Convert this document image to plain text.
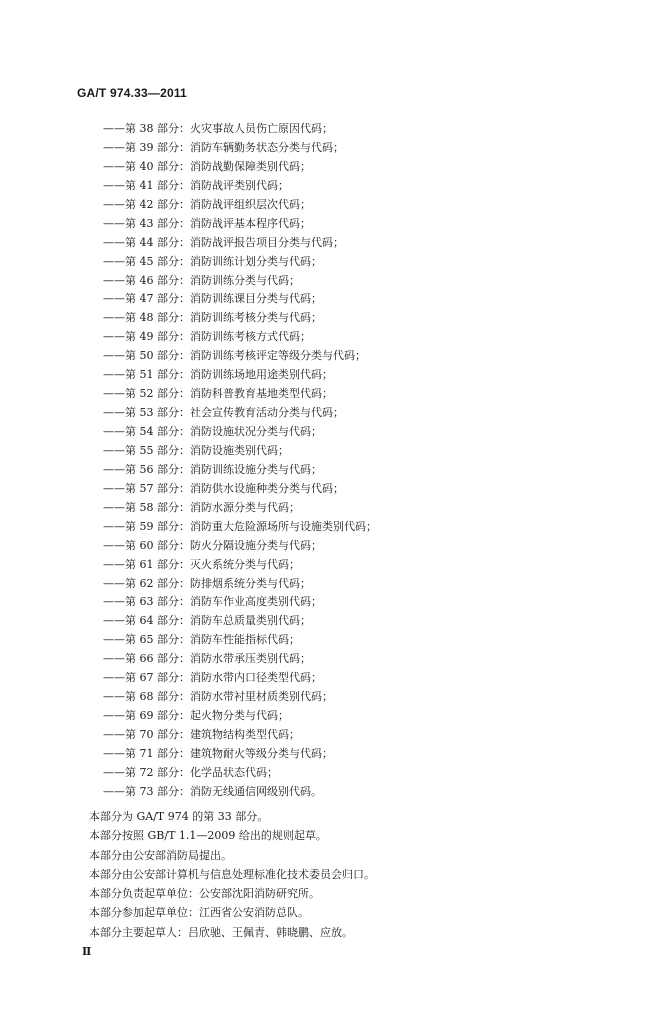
GA/T 974.33—2011
——第 38 部分：火灾事故人员伤亡原因代码；
——第 39 部分：消防车辆勤务状态分类与代码；
——第 40 部分：消防战勤保障类别代码；
——第 41 部分：消防战评类别代码；
——第 42 部分：消防战评组织层次代码；
——第 43 部分：消防战评基本程序代码；
——第 44 部分：消防战评报告项目分类与代码；
——第 45 部分：消防训练计划分类与代码；
——第 46 部分：消防训练分类与代码；
——第 47 部分：消防训练课目分类与代码；
——第 48 部分：消防训练考核分类与代码；
——第 49 部分：消防训练考核方式代码；
——第 50 部分：消防训练考核评定等级分类与代码；
——第 51 部分：消防训练场地用途类别代码；
——第 52 部分：消防科普教育基地类型代码；
——第 53 部分：社会宣传教育活动分类与代码；
——第 54 部分：消防设施状况分类与代码；
——第 55 部分：消防设施类别代码；
——第 56 部分：消防训练设施分类与代码；
——第 57 部分：消防供水设施种类分类与代码；
——第 58 部分：消防水源分类与代码；
——第 59 部分：消防重大危险源场所与设施类别代码；
——第 60 部分：防火分隔设施分类与代码；
——第 61 部分：灭火系统分类与代码；
——第 62 部分：防排烟系统分类与代码；
——第 63 部分：消防车作业高度类别代码；
——第 64 部分：消防车总质量类别代码；
——第 65 部分：消防车性能指标代码；
——第 66 部分：消防水带承压类别代码；
——第 67 部分：消防水带内口径类型代码；
——第 68 部分：消防水带衬里材质类别代码；
——第 69 部分：起火物分类与代码；
——第 70 部分：建筑物结构类型代码；
——第 71 部分：建筑物耐火等级分类与代码；
——第 72 部分：化学品状态代码；
——第 73 部分：消防无线通信网级别代码。

本部分为 GA/T 974 的第 33 部分。

本部分按照 GB/T 1.1—2009 给出的规则起草。

本部分由公安部消防局提出。

本部分由公安部计算机与信息处理标准化技术委员会归口。

本部分负责起草单位：公安部沈阳消防研究所。

本部分参加起草单位：江西省公安消防总队。

本部分主要起草人：吕欣驰、王佩青、韩晓鹏、应放。

Ⅱ
